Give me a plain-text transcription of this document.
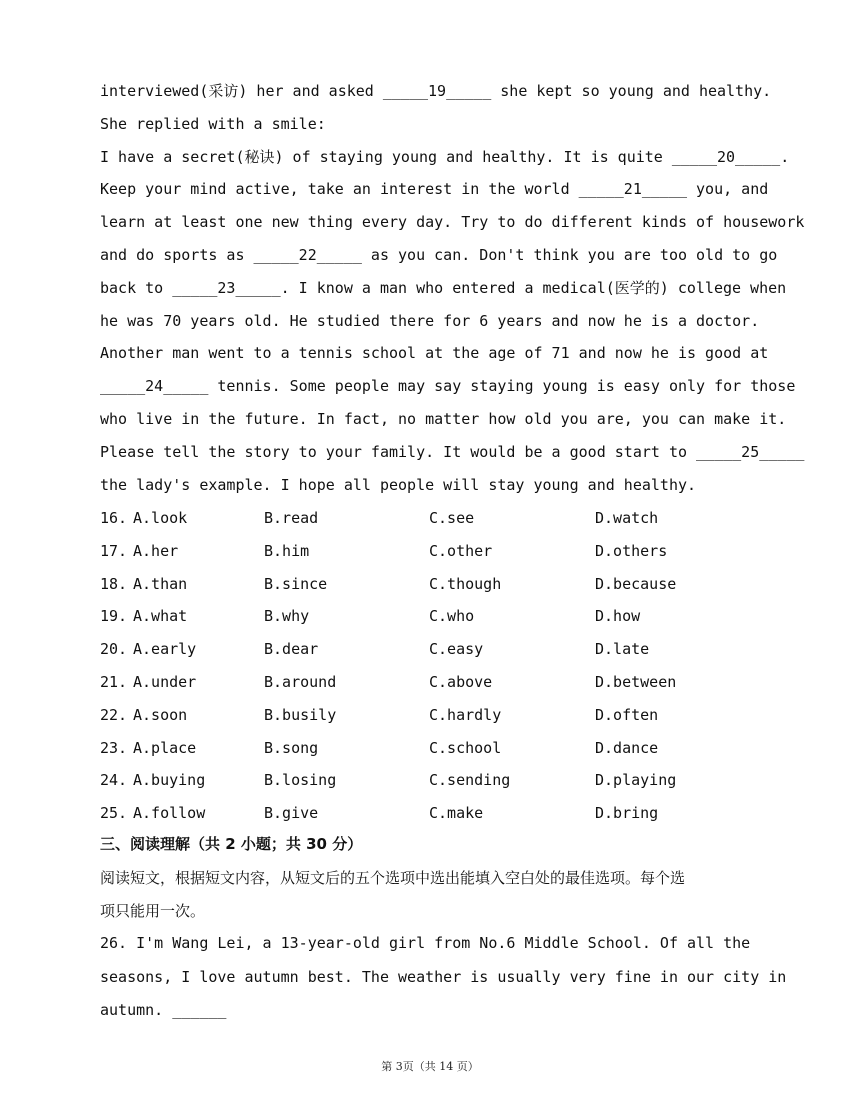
interviewed(采访) her and asked _____19_____ she kept so young and healthy.
She replied with a smile:
I have a secret(秘诀) of staying young and healthy. It is quite _____20_____.
Keep your mind active, take an interest in the world _____21_____ you, and
learn at least one new thing every day. Try to do different kinds of housework
and do sports as _____22_____ as you can. Don't think you are too old to go
back to _____23_____. I know a man who entered a medical(医学的) college when
he was 70 years old. He studied there for 6 years and now he is a doctor.
Another man went to a tennis school at the age of 71 and now he is good at
_____24_____ tennis. Some people may say staying young is easy only for those
who live in the future. In fact, no matter how old you are, you can make it.
Please tell the story to your family. It would be a good start to _____25_____
the lady's example. I hope all people will stay young and healthy.
16. A.look	B.read	C.see	D.watch
17. A.her	B.him	C.other	D.others
18. A.than	B.since	C.though	D.because
19. A.what	B.why	C.who	D.how
20. A.early	B.dear	C.easy	D.late
21. A.under	B.around	C.above	D.between
22. A.soon	B.busily	C.hardly	D.often
23. A.place	B.song	C.school	D.dance
24. A.buying	B.losing	C.sending	D.playing
25. A.follow	B.give	C.make	D.bring
三、阅读理解（共 2 小题；共 30 分）
阅读短文，根据短文内容，从短文后的五个选项中选出能填入空白处的最佳选项。每个选
项只能用一次。
26. I'm Wang Lei, a 13-year-old girl from No.6 Middle School. Of all the
seasons, I love autumn best. The weather is usually very fine in our city in
autumn. ______
第 3页（共 14 页）
